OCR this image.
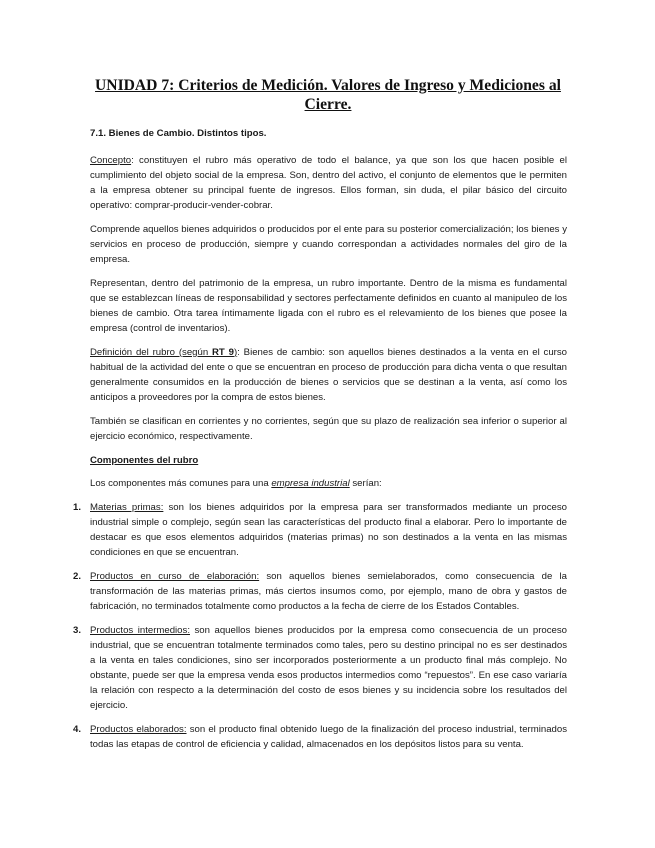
UNIDAD 7: Criterios de Medición. Valores de Ingreso y Mediciones al Cierre.

7.1. Bienes de Cambio. Distintos tipos.

Concepto: constituyen el rubro más operativo de todo el balance, ya que son los que hacen posible el cumplimiento del objeto social de la empresa. Son, dentro del activo, el conjunto de elementos que le permiten a la empresa obtener su principal fuente de ingresos. Ellos forman, sin duda, el pilar básico del circuito operativo: comprar-producir-vender-cobrar.

Comprende aquellos bienes adquiridos o producidos por el ente para su posterior comercialización; los bienes y servicios en proceso de producción, siempre y cuando correspondan a actividades normales del giro de la empresa.

Representan, dentro del patrimonio de la empresa, un rubro importante. Dentro de la misma es fundamental que se establezcan líneas de responsabilidad y sectores perfectamente definidos en cuanto al manipuleo de los bienes de cambio. Otra tarea íntimamente ligada con el rubro es el relevamiento de los bienes que posee la empresa (control de inventarios).

Definición del rubro (según RT 9): Bienes de cambio: son aquellos bienes destinados a la venta en el curso habitual de la actividad del ente o que se encuentran en proceso de producción para dicha venta o que resultan generalmente consumidos en la producción de bienes o servicios que se destinan a la venta, así como los anticipos a proveedores por la compra de estos bienes.

También se clasifican en corrientes y no corrientes, según que su plazo de realización sea inferior o superior al ejercicio económico, respectivamente.

Componentes del rubro

Los componentes más comunes para una empresa industrial serían:

1. Materias primas: son los bienes adquiridos por la empresa para ser transformados mediante un proceso industrial simple o complejo, según sean las características del producto final a elaborar. Pero lo importante de destacar es que esos elementos adquiridos (materias primas) no son destinados a la venta en las mismas condiciones en que se encuentran.
2. Productos en curso de elaboración: son aquellos bienes semielaborados, como consecuencia de la transformación de las materias primas, más ciertos insumos como, por ejemplo, mano de obra y gastos de fabricación, no terminados totalmente como productos a la fecha de cierre de los Estados Contables.
3. Productos intermedios: son aquellos bienes producidos por la empresa como consecuencia de un proceso industrial, que se encuentran totalmente terminados como tales, pero su destino principal no es ser destinados a la venta en tales condiciones, sino ser incorporados posteriormente a un producto final más complejo. No obstante, puede ser que la empresa venda esos productos intermedios como “repuestos”. En ese caso variaría la relación con respecto a la determinación del costo de esos bienes y su incidencia sobre los resultados del ejercicio.
4. Productos elaborados: son el producto final obtenido luego de la finalización del proceso industrial, terminados todas las etapas de control de eficiencia y calidad, almacenados en los depósitos listos para su venta.
